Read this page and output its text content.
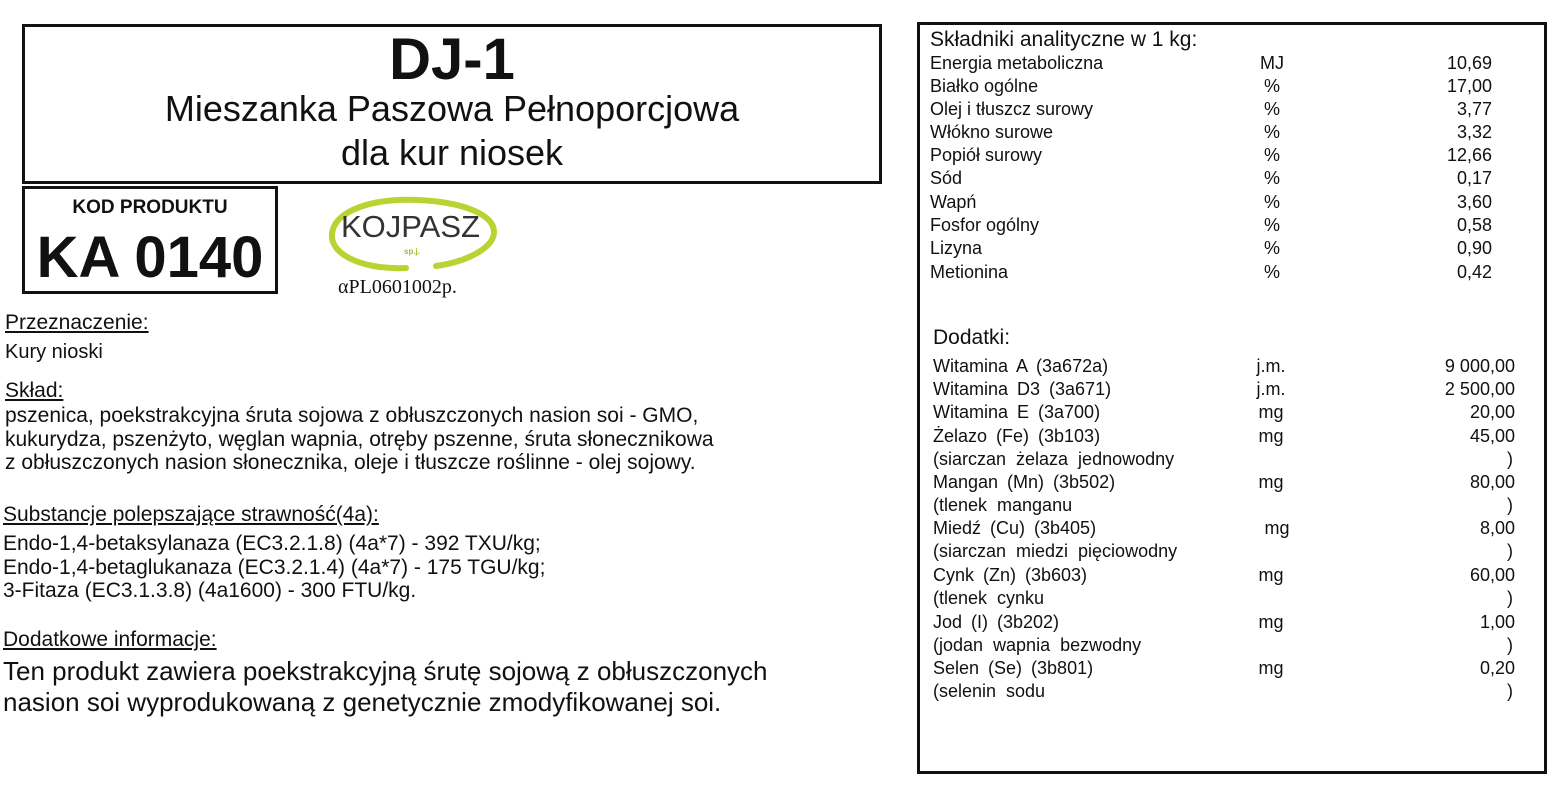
DJ-1
Mieszanka Paszowa Pełnoporcjowa
dla kur niosek
KOD PRODUKTU
KA 0140	KOJPASZ
sp.j.
αPL0601002p.
Przeznaczenie:
Kury nioski
Skład:
pszenica, poekstrakcyjna śruta sojowa z obłuszczonych nasion soi - GMO,
kukurydza, pszenżyto, węglan wapnia, otręby pszenne, śruta słonecznikowa
z obłuszczonych nasion słonecznika, oleje i tłuszcze roślinne - olej sojowy.
Substancje polepszające strawność(4a):
Endo-1,4-betaksylanaza (EC3.2.1.8) (4a*7) - 392 TXU/kg;
Endo-1,4-betaglukanaza (EC3.2.1.4) (4a*7) - 175 TGU/kg;
3-Fitaza (EC3.1.3.8) (4a1600) - 300 FTU/kg.
Dodatkowe informacje:
Ten produkt zawiera poekstrakcyjną śrutę sojową z obłuszczonych
nasion soi wyprodukowaną z genetycznie zmodyfikowanej soi.
Składniki analityczne w 1 kg:
Energia metaboliczna	MJ	10,69
Białko ogólne	%	17,00
Olej i tłuszcz surowy	%	3,77
Włókno surowe	%	3,32
Popiół surowy	%	12,66
Sód	%	0,17
Wapń	%	3,60
Fosfor ogólny	%	0,58
Lizyna	%	0,90
Metionina	%	0,42
Dodatki:
Witamina A (3a672a)	j.m.	9 000,00
Witamina D3 (3a671)	j.m.	2 500,00
Witamina E (3a700)	mg	20,00
Żelazo (Fe) (3b103)	mg	45,00
(siarczan żelaza jednowodny	)
Mangan (Mn) (3b502)	mg	80,00
(tlenek manganu	)
Miedź (Cu) (3b405)	mg	8,00
(siarczan miedzi pięciowodny	)
Cynk (Zn) (3b603)	mg	60,00
(tlenek cynku	)
Jod (I) (3b202)	mg	1,00
(jodan wapnia bezwodny	)
Selen (Se) (3b801)	mg	0,20
(selenin sodu	)
